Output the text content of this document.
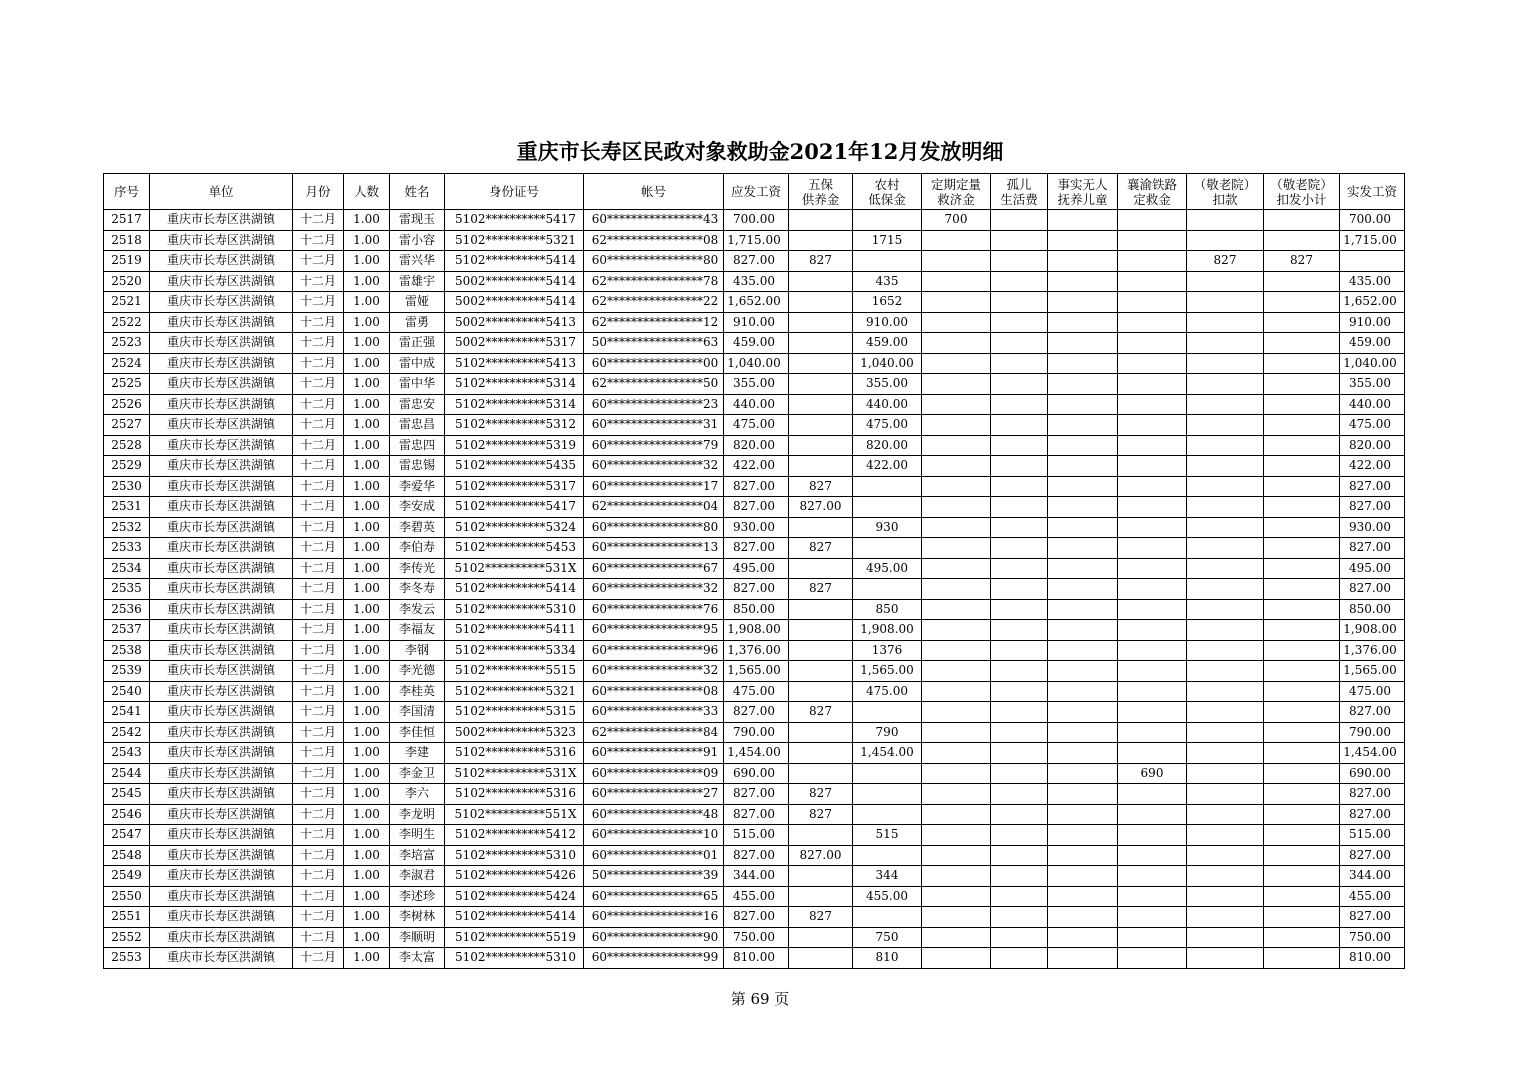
重庆市长寿区民政对象救助金2021年12月发放明细
序号	单位	月份	人数	姓名	身份证号	帐号	应发工资	五保
供养金	农村
低保金	定期定量
救济金	孤儿
生活费	事实无人
抚养儿童	襄渝铁路
定救金	（敬老院）
扣款	（敬老院）
扣发小计	实发工资
2517	重庆市长寿区洪湖镇	十二月	1.00	雷现玉	5102**********5417	60****************43	700.00			700						700.00
2518	重庆市长寿区洪湖镇	十二月	1.00	雷小容	5102**********5321	62****************08	1,715.00		1715							1,715.00
2519	重庆市长寿区洪湖镇	十二月	1.00	雷兴华	5102**********5414	60****************80	827.00	827						827	827	
2520	重庆市长寿区洪湖镇	十二月	1.00	雷雄宇	5002**********5414	62****************78	435.00		435							435.00
2521	重庆市长寿区洪湖镇	十二月	1.00	雷娅	5002**********5414	62****************22	1,652.00		1652							1,652.00
2522	重庆市长寿区洪湖镇	十二月	1.00	雷勇	5002**********5413	62****************12	910.00		910.00							910.00
2523	重庆市长寿区洪湖镇	十二月	1.00	雷正强	5002**********5317	50****************63	459.00		459.00							459.00
2524	重庆市长寿区洪湖镇	十二月	1.00	雷中成	5102**********5413	60****************00	1,040.00		1,040.00							1,040.00
2525	重庆市长寿区洪湖镇	十二月	1.00	雷中华	5102**********5314	62****************50	355.00		355.00							355.00
2526	重庆市长寿区洪湖镇	十二月	1.00	雷忠安	5102**********5314	60****************23	440.00		440.00							440.00
2527	重庆市长寿区洪湖镇	十二月	1.00	雷忠昌	5102**********5312	60****************31	475.00		475.00							475.00
2528	重庆市长寿区洪湖镇	十二月	1.00	雷忠四	5102**********5319	60****************79	820.00		820.00							820.00
2529	重庆市长寿区洪湖镇	十二月	1.00	雷忠锡	5102**********5435	60****************32	422.00		422.00							422.00
2530	重庆市长寿区洪湖镇	十二月	1.00	李爱华	5102**********5317	60****************17	827.00	827								827.00
2531	重庆市长寿区洪湖镇	十二月	1.00	李安成	5102**********5417	62****************04	827.00	827.00								827.00
2532	重庆市长寿区洪湖镇	十二月	1.00	李碧英	5102**********5324	60****************80	930.00		930							930.00
2533	重庆市长寿区洪湖镇	十二月	1.00	李伯寿	5102**********5453	60****************13	827.00	827								827.00
2534	重庆市长寿区洪湖镇	十二月	1.00	李传光	5102**********531X	60****************67	495.00		495.00							495.00
2535	重庆市长寿区洪湖镇	十二月	1.00	李冬寿	5102**********5414	60****************32	827.00	827								827.00
2536	重庆市长寿区洪湖镇	十二月	1.00	李发云	5102**********5310	60****************76	850.00		850							850.00
2537	重庆市长寿区洪湖镇	十二月	1.00	李福友	5102**********5411	60****************95	1,908.00		1,908.00							1,908.00
2538	重庆市长寿区洪湖镇	十二月	1.00	李钢	5102**********5334	60****************96	1,376.00		1376							1,376.00
2539	重庆市长寿区洪湖镇	十二月	1.00	李光德	5102**********5515	60****************32	1,565.00		1,565.00							1,565.00
2540	重庆市长寿区洪湖镇	十二月	1.00	李桂英	5102**********5321	60****************08	475.00		475.00							475.00
2541	重庆市长寿区洪湖镇	十二月	1.00	李国清	5102**********5315	60****************33	827.00	827								827.00
2542	重庆市长寿区洪湖镇	十二月	1.00	李佳恒	5002**********5323	62****************84	790.00		790							790.00
2543	重庆市长寿区洪湖镇	十二月	1.00	李建	5102**********5316	60****************91	1,454.00		1,454.00							1,454.00
2544	重庆市长寿区洪湖镇	十二月	1.00	李金卫	5102**********531X	60****************09	690.00						690			690.00
2545	重庆市长寿区洪湖镇	十二月	1.00	李六	5102**********5316	60****************27	827.00	827								827.00
2546	重庆市长寿区洪湖镇	十二月	1.00	李龙明	5102**********551X	60****************48	827.00	827								827.00
2547	重庆市长寿区洪湖镇	十二月	1.00	李明生	5102**********5412	60****************10	515.00		515							515.00
2548	重庆市长寿区洪湖镇	十二月	1.00	李培富	5102**********5310	60****************01	827.00	827.00								827.00
2549	重庆市长寿区洪湖镇	十二月	1.00	李淑君	5102**********5426	50****************39	344.00		344							344.00
2550	重庆市长寿区洪湖镇	十二月	1.00	李述珍	5102**********5424	60****************65	455.00		455.00							455.00
2551	重庆市长寿区洪湖镇	十二月	1.00	李树林	5102**********5414	60****************16	827.00	827								827.00
2552	重庆市长寿区洪湖镇	十二月	1.00	李顺明	5102**********5519	60****************90	750.00		750							750.00
2553	重庆市长寿区洪湖镇	十二月	1.00	李太富	5102**********5310	60****************99	810.00		810							810.00
第 69 页
